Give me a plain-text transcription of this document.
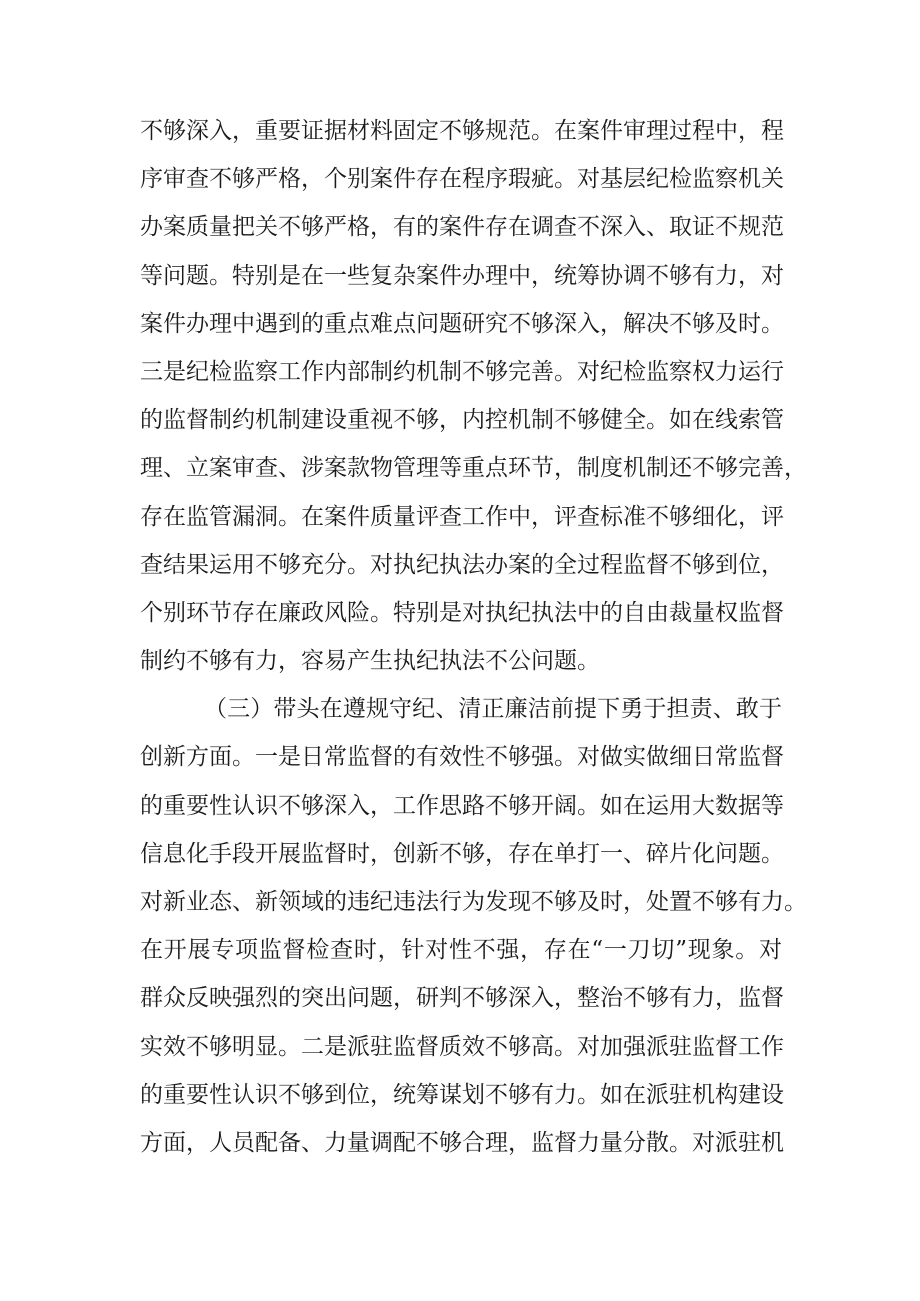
不够深入，重要证据材料固定不够规范。在案件审理过程中，程
序审查不够严格，个别案件存在程序瑕疵。对基层纪检监察机关
办案质量把关不够严格，有的案件存在调查不深入、取证不规范
等问题。特别是在一些复杂案件办理中，统筹协调不够有力，对
案件办理中遇到的重点难点问题研究不够深入，解决不够及时。
三是纪检监察工作内部制约机制不够完善。对纪检监察权力运行
的监督制约机制建设重视不够，内控机制不够健全。如在线索管
理、立案审查、涉案款物管理等重点环节，制度机制还不够完善，
存在监管漏洞。在案件质量评查工作中，评查标准不够细化，评
查结果运用不够充分。对执纪执法办案的全过程监督不够到位，
个别环节存在廉政风险。特别是对执纪执法中的自由裁量权监督
制约不够有力，容易产生执纪执法不公问题。
（三）带头在遵规守纪、清正廉洁前提下勇于担责、敢于
创新方面。一是日常监督的有效性不够强。对做实做细日常监督
的重要性认识不够深入，工作思路不够开阔。如在运用大数据等
信息化手段开展监督时，创新不够，存在单打一、碎片化问题。
对新业态、新领域的违纪违法行为发现不够及时，处置不够有力。
在开展专项监督检查时，针对性不强，存在“一刀切”现象。对
群众反映强烈的突出问题，研判不够深入，整治不够有力，监督
实效不够明显。二是派驻监督质效不够高。对加强派驻监督工作
的重要性认识不够到位，统筹谋划不够有力。如在派驻机构建设
方面，人员配备、力量调配不够合理，监督力量分散。对派驻机
